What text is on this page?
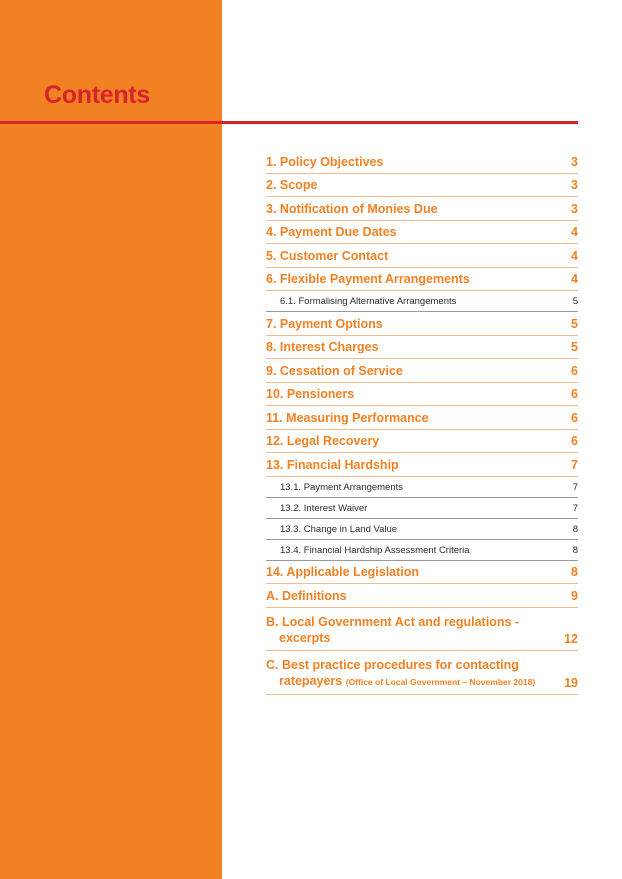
Contents
1. Policy Objectives	3
2. Scope	3
3. Notification of Monies Due	3
4. Payment Due Dates	4
5. Customer Contact	4
6. Flexible Payment Arrangements	4
6.1. Formalising Alternative Arrangements	5
7. Payment Options	5
8. Interest Charges	5
9. Cessation of Service	6
10. Pensioners	6
11. Measuring Performance	6
12. Legal Recovery	6
13. Financial Hardship	7
13.1. Payment Arrangements	7
13.2. Interest Waiver	7
13.3. Change in Land Value	8
13.4. Financial Hardship Assessment Criteria	8
14. Applicable Legislation	8
A. Definitions	9
B. Local Government Act and regulations -
excerpts	12
C. Best practice procedures for contacting
ratepayers (Office of Local Government – November 2018) 19
